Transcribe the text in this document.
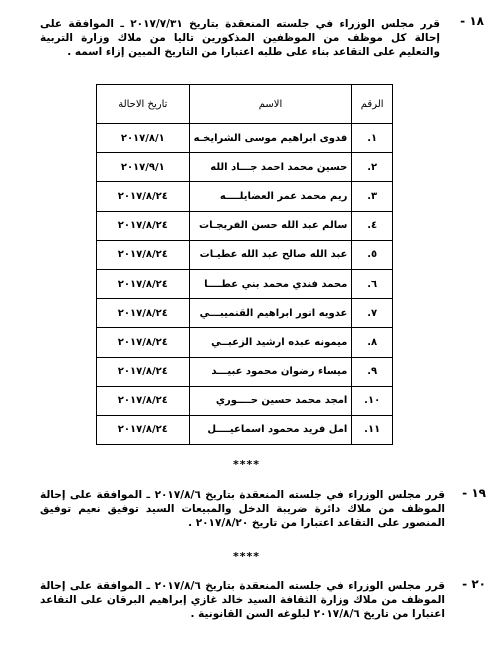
١٨ -
قرر مجلس الوزراء في جلسته المنعقدة بتاريخ ٢٠١٧/٧/٣١ ـ الموافقة على إحالة كل موظف من الموظفين المذكورين تاليا من ملاك وزارة التربية والتعليم على التقاعد بناء على طلبه اعتبارا من التاريخ المبين إزاء اسمه .
الرقم	الاسم	تاريخ الاحالة
١.	فدوى ابراهيم موسى الشرايخـه	٢٠١٧/٨/١
٢.	حسين محمد احمد جـــاد الله	٢٠١٧/٩/١
٣.	ريم محمد عمر العضايلــــه	٢٠١٧/٨/٢٤
٤.	سالم عبد الله حسن الفريجـات	٢٠١٧/٨/٢٤
٥.	عبد الله صالح عبد الله عطيـات	٢٠١٧/٨/٢٤
٦.	محمد فندي محمد بني عطــــا	٢٠١٧/٨/٢٤
٧.	عدويه انور ابراهيم القنميبـــي	٢٠١٧/٨/٢٤
٨.	ميمونه عبده ارشيد الزعبــي	٢٠١٧/٨/٢٤
٩.	ميساء رضوان محمود عبيـــد	٢٠١٧/٨/٢٤
١٠.	امجد محمد حسين حــــوري	٢٠١٧/٨/٢٤
١١.	امل فريد محمود اسماعيــــل	٢٠١٧/٨/٢٤
****
١٩ -
قرر مجلس الوزراء في جلسته المنعقدة بتاريخ ٢٠١٧/٨/٦ ـ الموافقة على إحالة الموظف من ملاك دائرة ضريبة الدخل والمبيعات السيد توفيق نعيم توفيق المنصور على التقاعد اعتبارا من تاريخ ٢٠١٧/٨/٢٠ .
****
٢٠ -
قرر مجلس الوزراء في جلسته المنعقدة بتاريخ ٢٠١٧/٨/٦ ـ الموافقة على إحالة الموظف من ملاك وزارة الثقافة السيد خالد غازي إبراهيم البرقان على التقاعد اعتبارا من تاريخ ٢٠١٧/٨/٦ لبلوغه السن القانونية .
